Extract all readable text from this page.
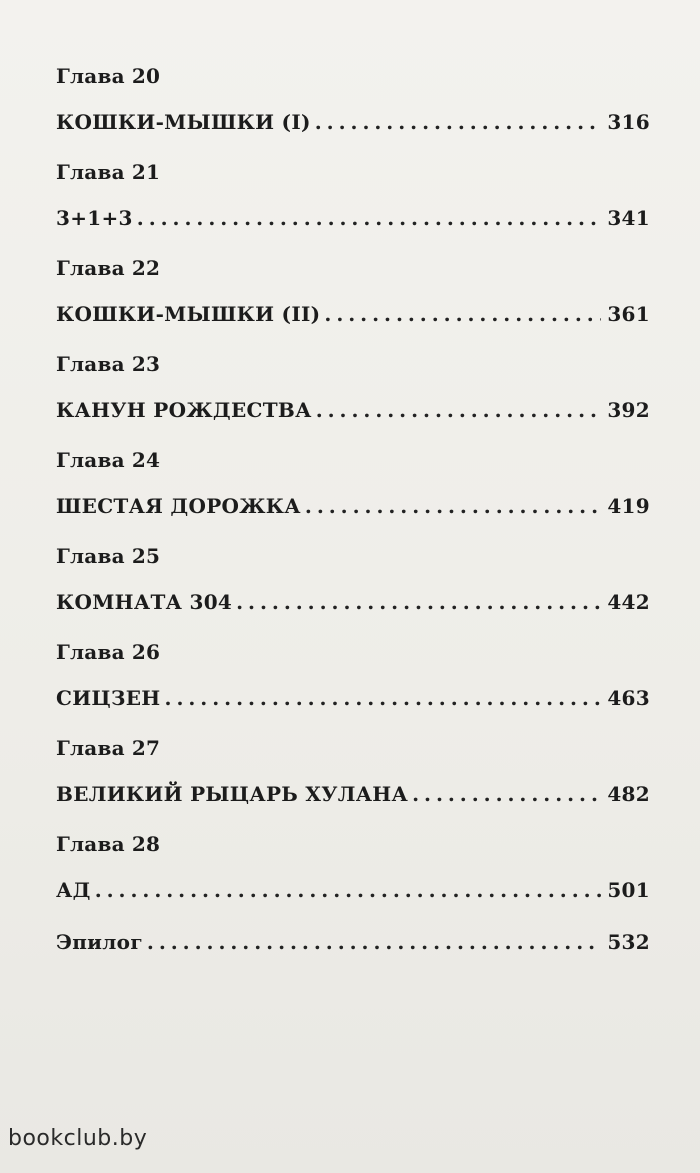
Глава 20
КОШКИ-МЫШКИ (I) . . .	316
Глава 21
3+1+3 . . .	341
Глава 22
КОШКИ-МЫШКИ (II) . . .	361
Глава 23
КАНУН РОЖДЕСТВА . . .	392
Глава 24
ШЕСТАЯ ДОРОЖКА . . .	419
Глава 25
КОМНАТА 304 . . .	442
Глава 26
СИЦЗЕН . . .	463
Глава 27
ВЕЛИКИЙ РЫЦАРЬ ХУЛАНА . . .	482
Глава 28
АД . . .	501
Эпилог . . .	532
bookclub.by
